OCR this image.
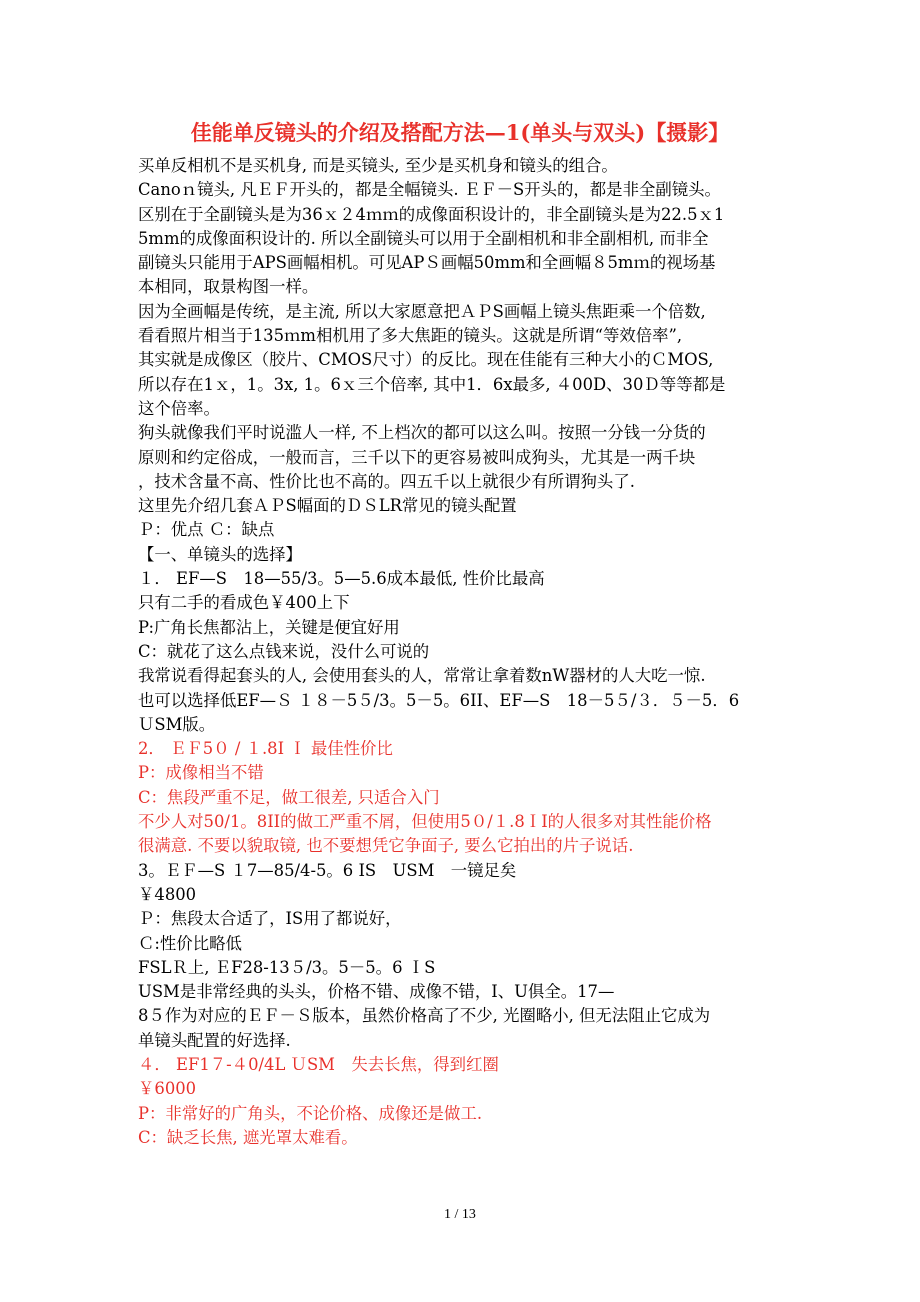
佳能单反镜头的介绍及搭配方法—1(单头与双头)【摄影】
买单反相机不是买机身, 而是买镜头, 至少是买机身和镜头的组合。
Canoｎ镜头, 凡ＥＦ开头的，都是全幅镜头. ＥＦ－S开头的，都是非全副镜头。
区别在于全副镜头是为36ｘ２4ｍｍ的成像面积设计的，非全副镜头是为22.5ｘ1
5mm的成像面积设计的. 所以全副镜头可以用于全副相机和非全副相机, 而非全
副镜头只能用于APS画幅相机。可见APＳ画幅50mm和全画幅８5mｍ的视场基
本相同，取景构图一样。
因为全画幅是传统，是主流, 所以大家愿意把ＡＰS画幅上镜头焦距乘一个倍数,
看看照片相当于135ｍm相机用了多大焦距的镜头。这就是所谓“等效倍率”,
其实就是成像区（胶片、CMOS尺寸）的反比。现在佳能有三种大小的ＣMOS,
所以存在1ｘ，1。3x, 1。6ｘ三个倍率, 其中1．6x最多, ４00D、30Ｄ等等都是
这个倍率。
狗头就像我们平时说滥人一样, 不上档次的都可以这么叫。按照一分钱一分货的
原则和约定俗成，一般而言，三千以下的更容易被叫成狗头，尤其是一两千块
，技术含量不高、性价比也不高的。四五千以上就很少有所谓狗头了.
这里先介绍几套ＡＰS幅面的ＤＳLR常见的镜头配置
Ｐ：优点 Ｃ：缺点
【一、单镜头的选择】
１． EF—S　18—55/3。5—5.6成本最低, 性价比最高
只有二手的看成色￥400上下
P:广角长焦都沾上，关键是便宜好用
C：就花了这么点钱来说，没什么可说的
我常说看得起套头的人, 会使用套头的人，常常让拿着数nW器材的人大吃一惊.
也可以选择低EF—Ｓ １８－5５/3。5－5。6II、EF—S　18－5５/３．５－5．6
ＵSM版。
2． ＥＦ5０ / １.8I Ｉ 最佳性价比
P：成像相当不错
C：焦段严重不足，做工很差, 只适合入门
不少人对50/1。8II的做工严重不屑，但使用5０/１.8ＩI的人很多对其性能价格
很满意. 不要以貌取镜, 也不要想凭它争面子, 要么它拍出的片子说话.
3。ＥＦ—S １7—85/4-5。6 IS　USM　一镜足矣
￥4800
Ｐ：焦段太合适了，IS用了都说好，
Ｃ:性价比略低
FSLＲ上, ＥF28-13５/3。5－5。6 ＩS
USM是非常经典的头头，价格不错、成像不错，I、U俱全。17—
8５作为对应的ＥＦ－Ｓ版本，虽然价格高了不少, 光圈略小, 但无法阻止它成为
单镜头配置的好选择.
４． EF1７-４0/4L ＵSM　失去长焦，得到红圈
￥6000
P：非常好的广角头，不论价格、成像还是做工.
C：缺乏长焦, 遮光罩太难看。
1 / 13
